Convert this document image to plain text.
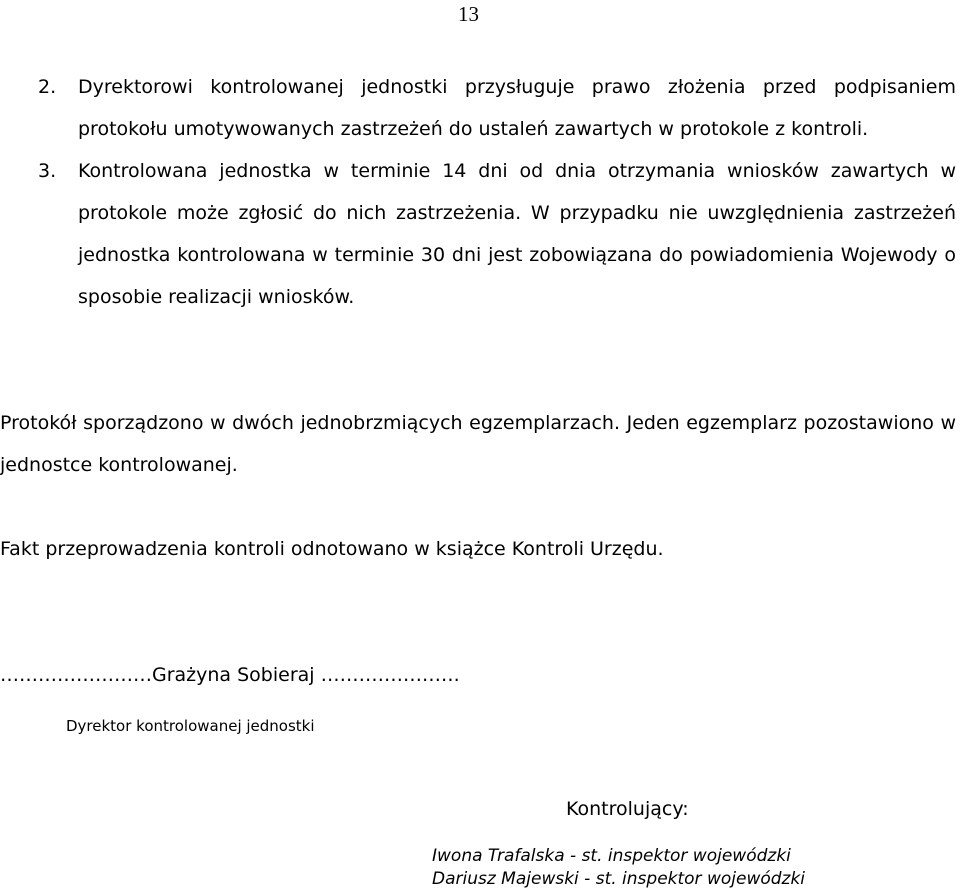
13
2. Dyrektorowi kontrolowanej jednostki przysługuje prawo złożenia przed podpisaniem protokołu umotywowanych zastrzeżeń do ustaleń zawartych w protokole z kontroli.
3. Kontrolowana jednostka w terminie 14 dni od dnia otrzymania wniosków zawartych w protokole może zgłosić do nich zastrzeżenia. W przypadku nie uwzględnienia zastrzeżeń jednostka kontrolowana w terminie 30 dni jest zobowiązana do powiadomienia Wojewody o sposobie realizacji wniosków.
Protokół sporządzono w dwóch jednobrzmiących egzemplarzach. Jeden egzemplarz pozostawiono w jednostce kontrolowanej.
Fakt przeprowadzenia kontroli odnotowano w książce Kontroli Urzędu.
……………………Grażyna Sobieraj ………………….
Dyrektor kontrolowanej jednostki
Kontrolujący:
Iwona Trafalska - st. inspektor wojewódzki
Dariusz Majewski - st. inspektor wojewódzki
